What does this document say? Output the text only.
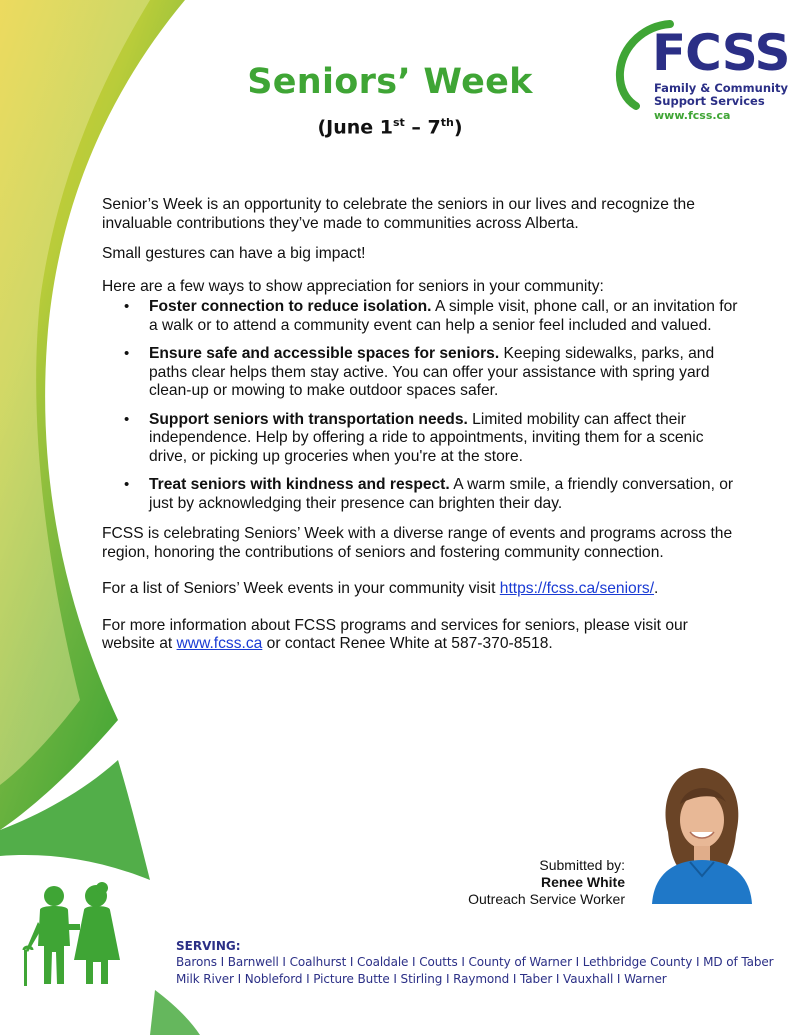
FCSS
Family & Community
Support Services
www.fcss.ca
Seniors’ Week
(June 1st – 7th)

Senior’s Week is an opportunity to celebrate the seniors in our lives and recognize the invaluable contributions they’ve made to communities across Alberta.

Small gestures can have a big impact!

Here are a few ways to show appreciation for seniors in your community:

• Foster connection to reduce isolation. A simple visit, phone call, or an invitation for a walk or to attend a community event can help a senior feel included and valued.
• Ensure safe and accessible spaces for seniors. Keeping sidewalks, parks, and paths clear helps them stay active. You can offer your assistance with spring yard clean-up or mowing to make outdoor spaces safer.
• Support seniors with transportation needs. Limited mobility can affect their independence. Help by offering a ride to appointments, inviting them for a scenic drive, or picking up groceries when you're at the store.
• Treat seniors with kindness and respect. A warm smile, a friendly conversation, or just by acknowledging their presence can brighten their day.

FCSS is celebrating Seniors’ Week with a diverse range of events and programs across the region, honoring the contributions of seniors and fostering community connection.

For a list of Seniors’ Week events in your community visit https://fcss.ca/seniors/.

For more information about FCSS programs and services for seniors, please visit our website at www.fcss.ca or contact Renee White at 587-370-8518.

Submitted by:
Renee White
Outreach Service Worker
SERVING:
Barons I Barnwell I Coalhurst I Coaldale I Coutts I County of Warner I Lethbridge County I MD of Taber
Milk River I Nobleford I Picture Butte I Stirling I Raymond I Taber I Vauxhall I Warner
